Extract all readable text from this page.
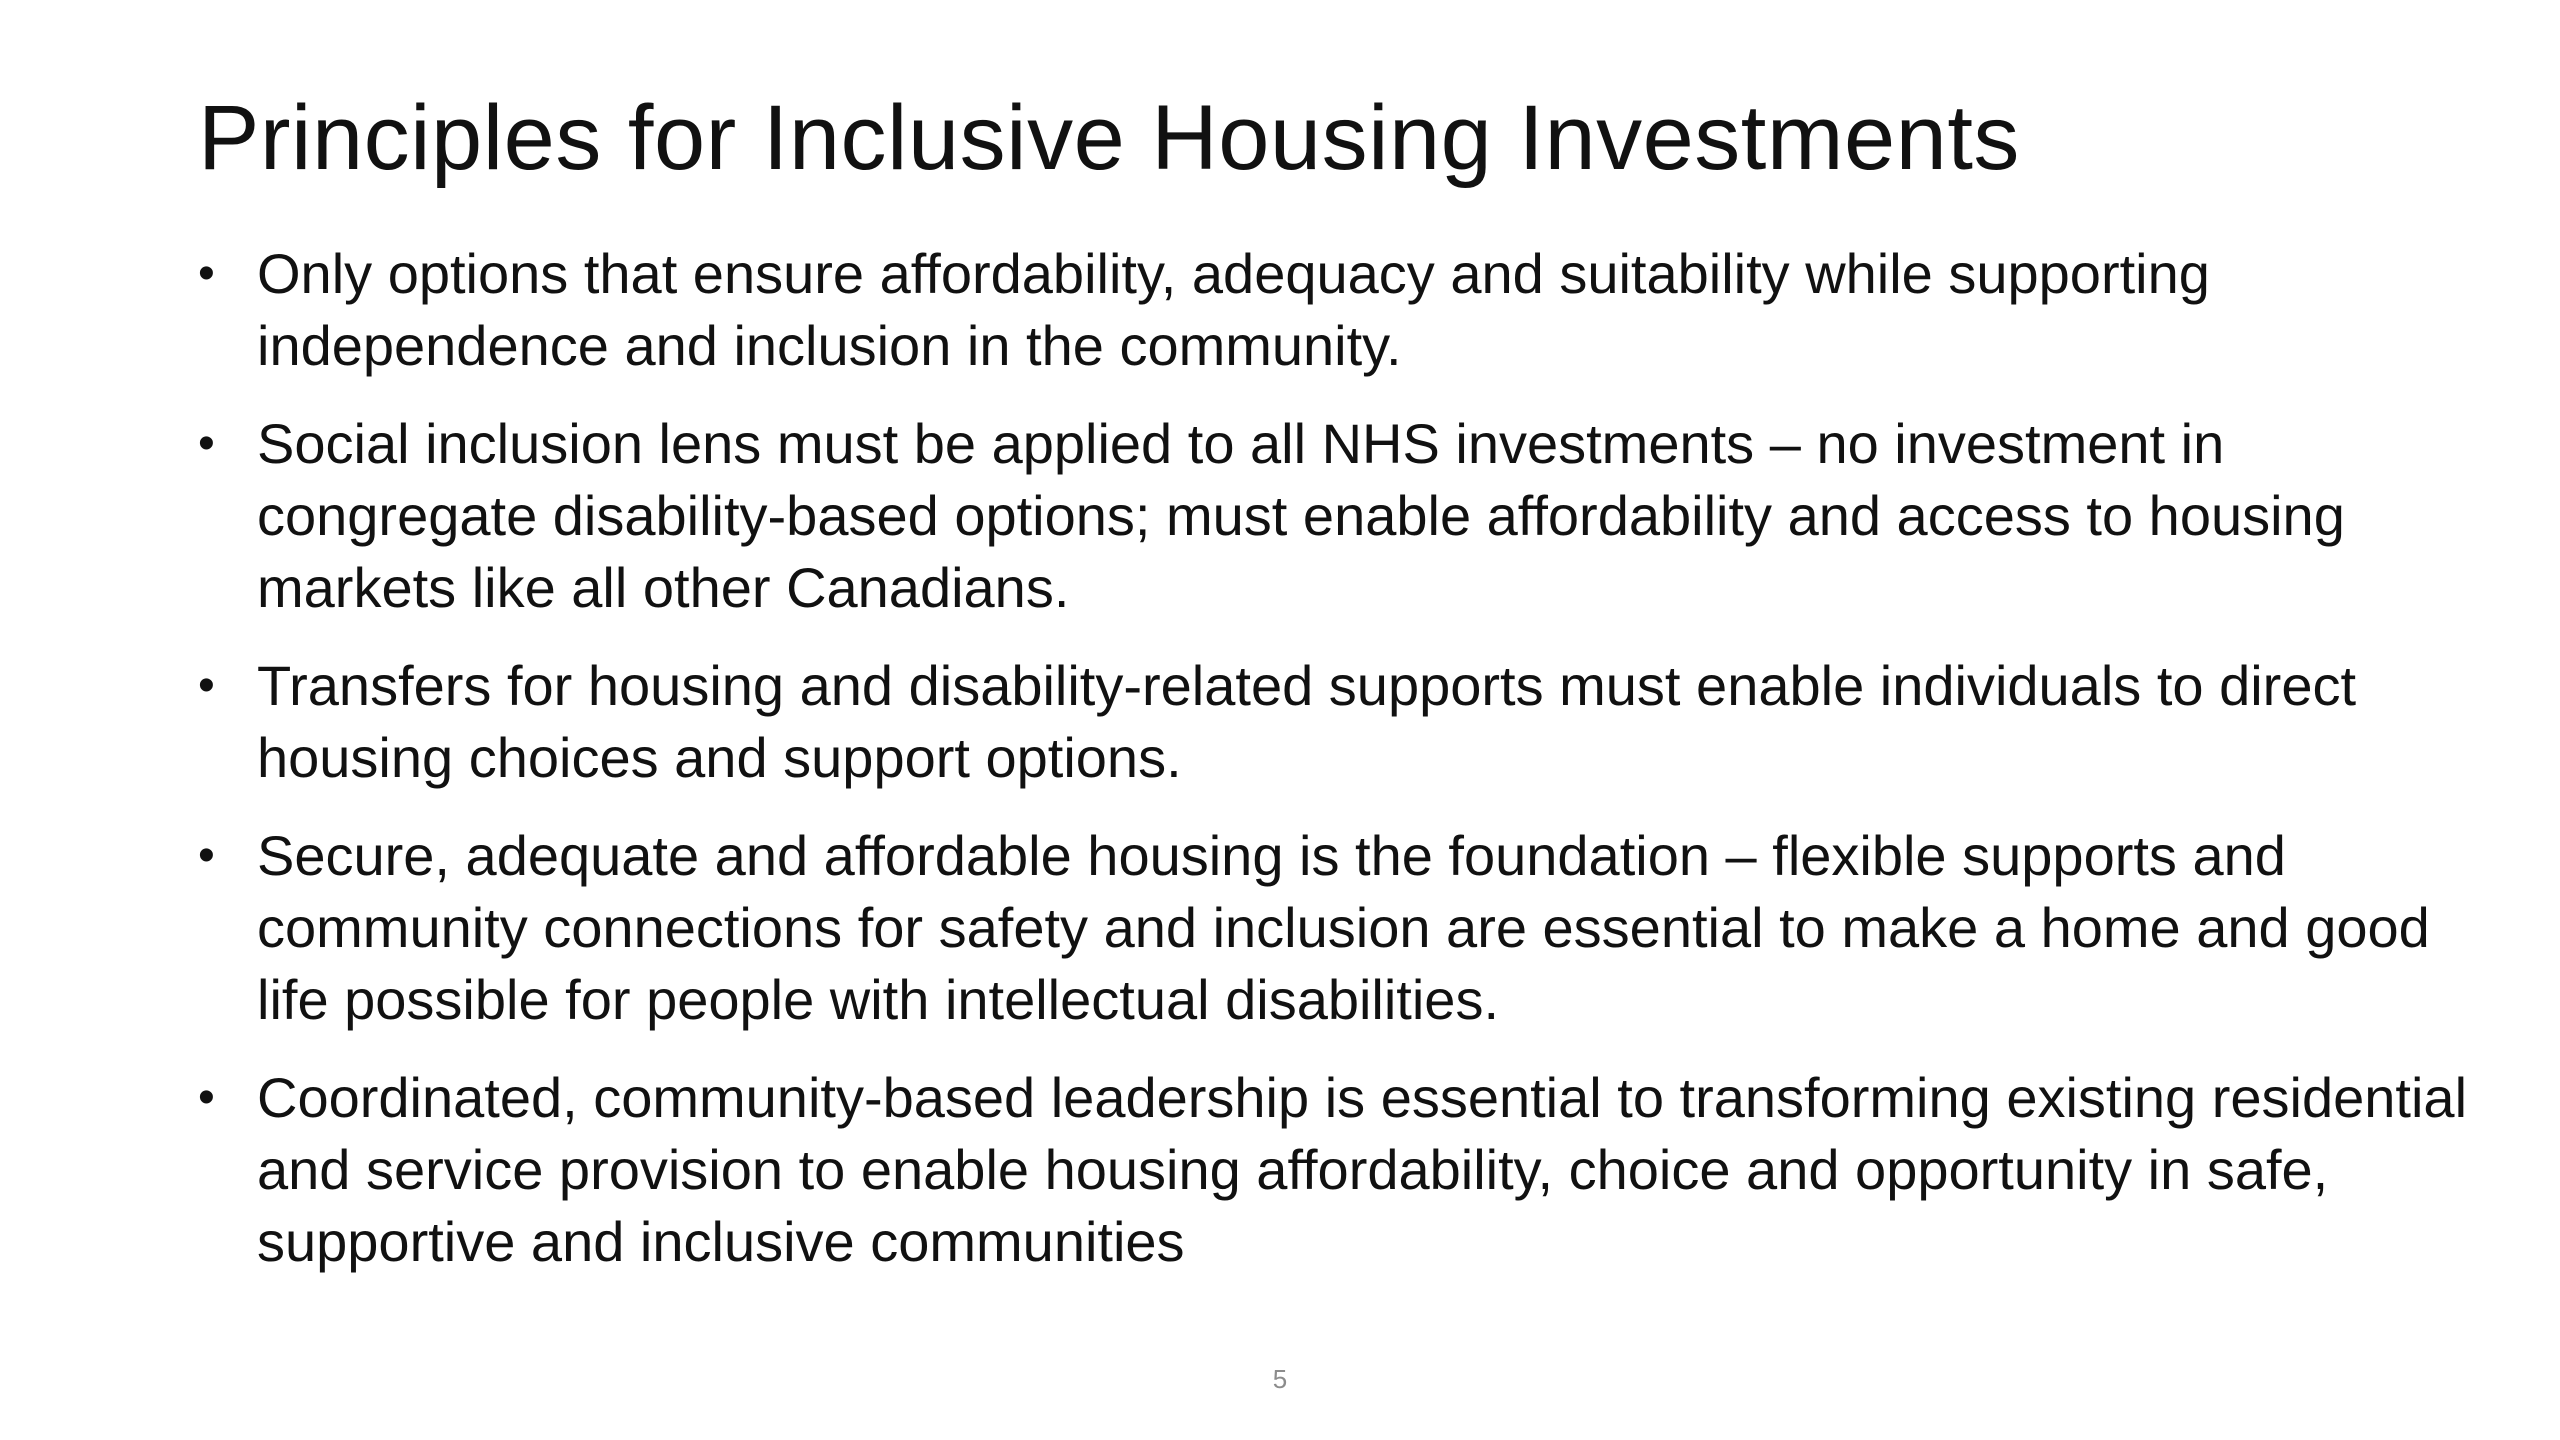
Principles for Inclusive Housing Investments
• Only options that ensure affordability, adequacy and suitability while supporting independence and inclusion in the community.
• Social inclusion lens must be applied to all NHS investments – no investment in congregate disability-based options; must enable affordability and access to housing markets like all other Canadians.
• Transfers for housing and disability-related supports must enable individuals to direct housing choices and support options.
• Secure, adequate and affordable housing is the foundation – flexible supports and community connections for safety and inclusion are essential to make a home and good life possible for people with intellectual disabilities.
• Coordinated, community-based leadership is essential to transforming existing residential and service provision to enable housing affordability, choice and opportunity in safe, supportive and inclusive communities
5
